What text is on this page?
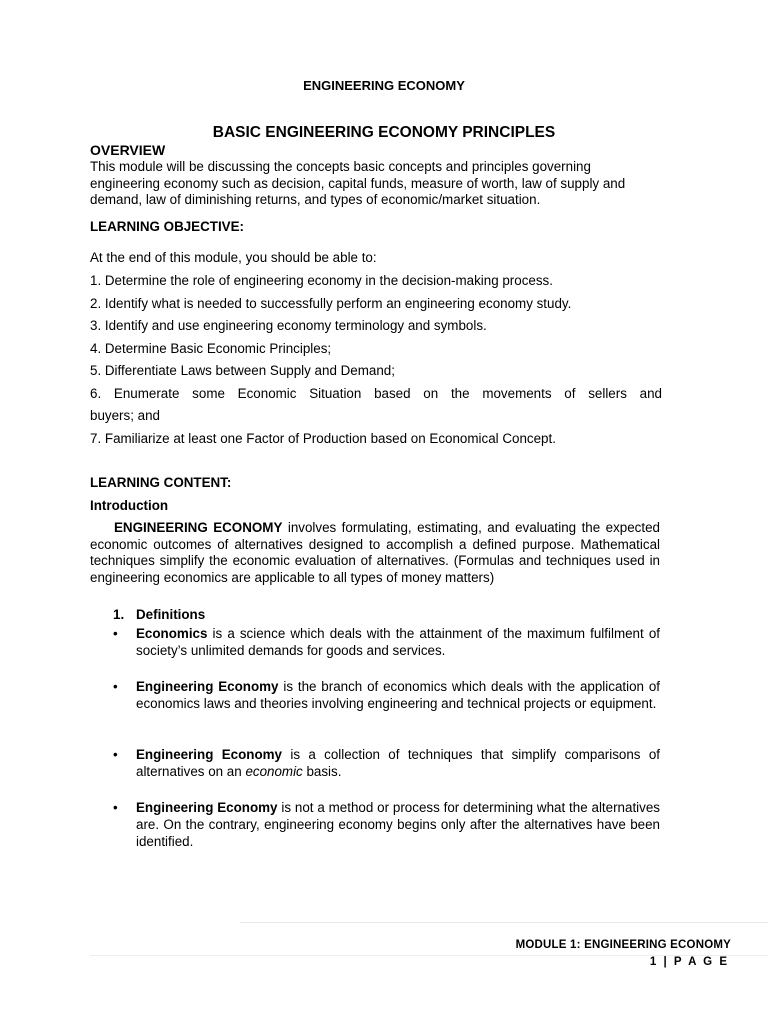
ENGINEERING ECONOMY
BASIC ENGINEERING ECONOMY PRINCIPLES
OVERVIEW
This module will be discussing the concepts basic concepts and principles governing engineering economy such as decision, capital funds, measure of worth, law of supply and demand, law of diminishing returns, and types of economic/market situation.
LEARNING OBJECTIVE:
At the end of this module, you should be able to:
1. Determine the role of engineering economy in the decision-making process.
2. Identify what is needed to successfully perform an engineering economy study.
3. Identify and use engineering economy terminology and symbols.
4. Determine Basic Economic Principles;
5. Differentiate Laws between Supply and Demand;
6. Enumerate some Economic Situation based on the movements of sellers and
buyers; and
7. Familiarize at least one Factor of Production based on Economical Concept.
LEARNING CONTENT:
Introduction
ENGINEERING ECONOMY involves formulating, estimating, and evaluating the expected economic outcomes of alternatives designed to accomplish a defined purpose. Mathematical techniques simplify the economic evaluation of alternatives. (Formulas and techniques used in engineering economics are applicable to all types of money matters)
1. Definitions
• Economics is a science which deals with the attainment of the maximum fulfilment of society’s unlimited demands for goods and services.
• Engineering Economy is the branch of economics which deals with the application of economics laws and theories involving engineering and technical projects or equipment.
• Engineering Economy is a collection of techniques that simplify comparisons of alternatives on an economic basis.
• Engineering Economy is not a method or process for determining what the alternatives are. On the contrary, engineering economy begins only after the alternatives have been identified.
MODULE 1: ENGINEERING ECONOMY
1 | P A G E
